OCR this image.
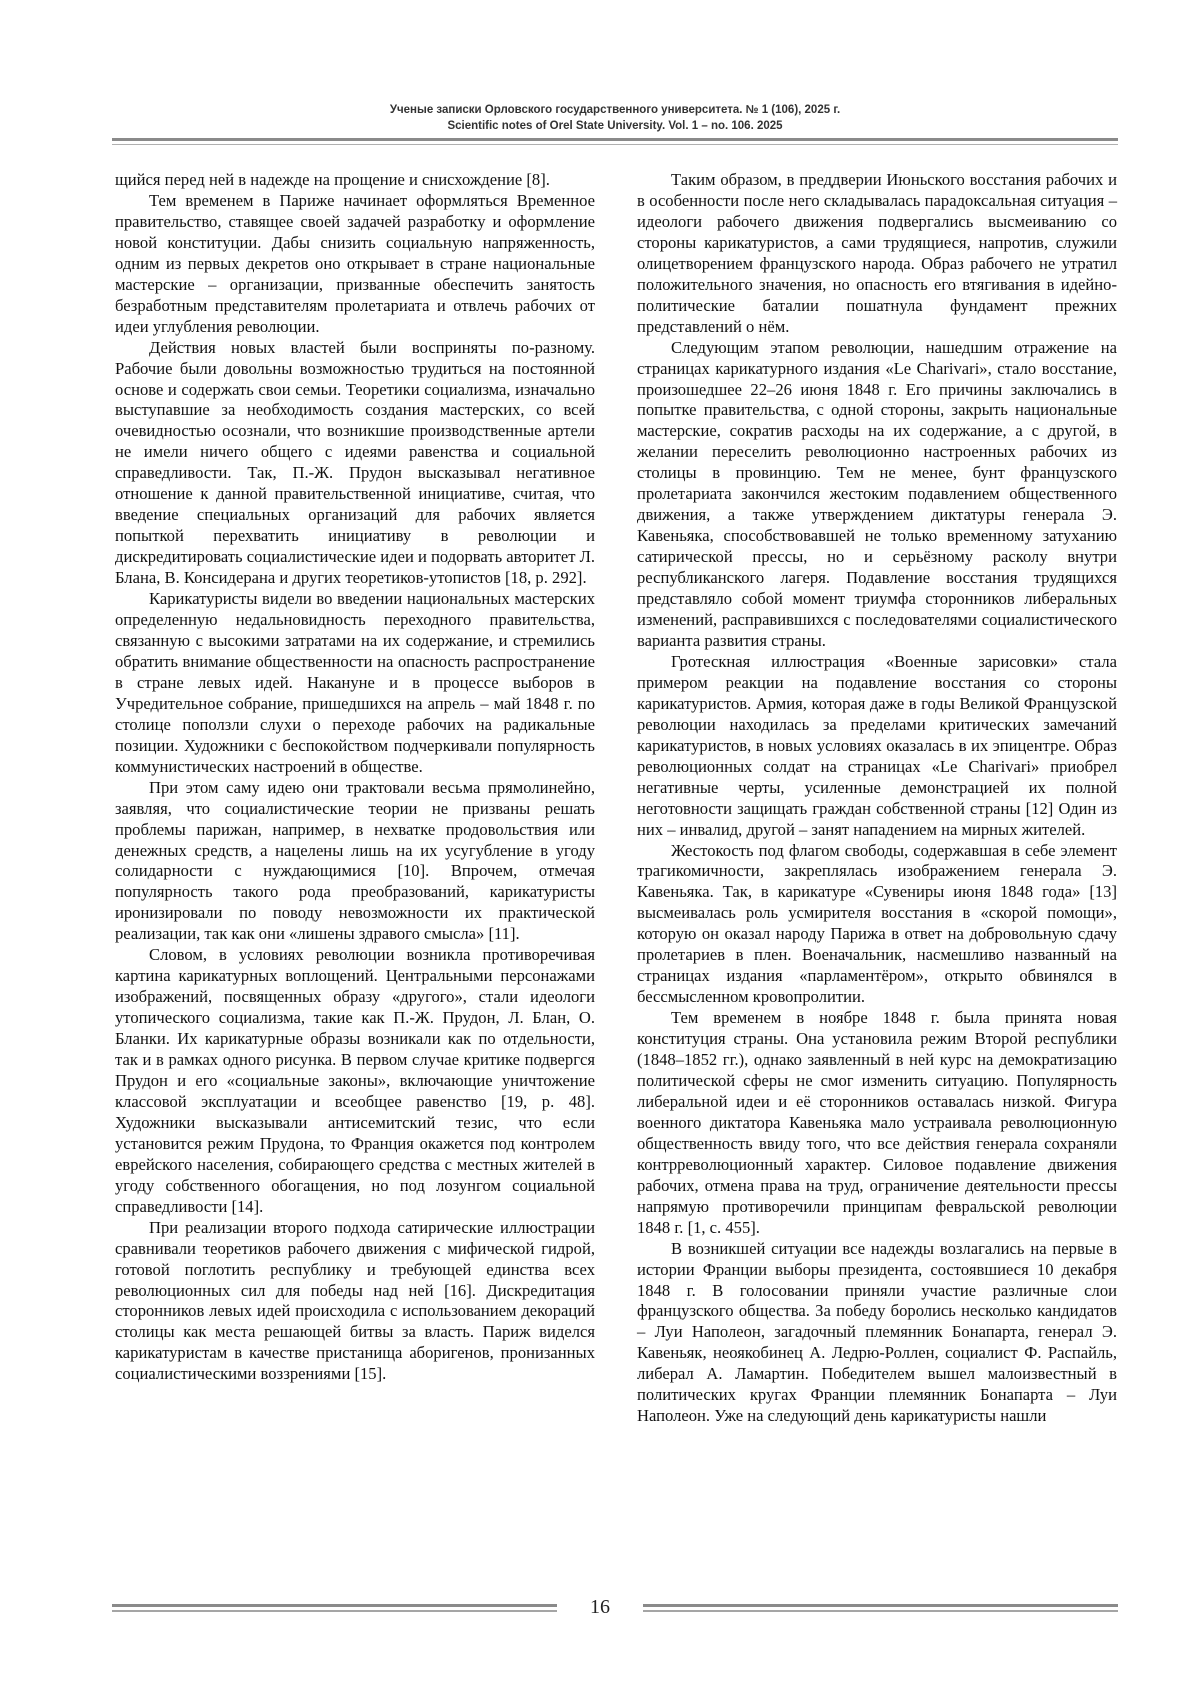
Ученые записки Орловского государственного университета. № 1 (106), 2025 г.
Scientific notes of Orel State University. Vol. 1 – no. 106. 2025

щийся перед ней в надежде на прощение и снисхождение [8].

Тем временем в Париже начинает оформляться Временное правительство, ставящее своей задачей разработку и оформление новой конституции. Дабы снизить социальную напряженность, одним из первых декретов оно открывает в стране национальные мастерские – организации, призванные обеспечить занятость безработным представителям пролетариата и отвлечь рабочих от идеи углубления революции.

Действия новых властей были восприняты по-разному. Рабочие были довольны возможностью трудиться на постоянной основе и содержать свои семьи. Теоретики социализма, изначально выступавшие за необходимость создания мастерских, со всей очевидностью осознали, что возникшие производственные артели не имели ничего общего с идеями равенства и социальной справедливости. Так, П.-Ж. Прудон высказывал негативное отношение к данной правительственной инициативе, считая, что введение специальных организаций для рабочих является попыткой перехватить инициативу в революции и дискредитировать социалистические идеи и подорвать авторитет Л. Блана, В. Консидерана и других теоретиков-утопистов [18, p. 292].

Карикатуристы видели во введении национальных мастерских определенную недальновидность переходного правительства, связанную с высокими затратами на их содержание, и стремились обратить внимание общественности на опасность распространение в стране левых идей. Накануне и в процессе выборов в Учредительное собрание, пришедшихся на апрель – май 1848 г. по столице поползли слухи о переходе рабочих на радикальные позиции. Художники с беспокойством подчеркивали популярность коммунистических настроений в обществе.

При этом саму идею они трактовали весьма прямолинейно, заявляя, что социалистические теории не призваны решать проблемы парижан, например, в нехватке продовольствия или денежных средств, а нацелены лишь на их усугубление в угоду солидарности с нуждающимися [10]. Впрочем, отмечая популярность такого рода преобразований, карикатуристы иронизировали по поводу невозможности их практической реализации, так как они «лишены здравого смысла» [11].

Словом, в условиях революции возникла противоречивая картина карикатурных воплощений. Центральными персонажами изображений, посвященных образу «другого», стали идеологи утопического социализма, такие как П.-Ж. Прудон, Л. Блан, О. Бланки. Их карикатурные образы возникали как по отдельности, так и в рамках одного рисунка. В первом случае критике подвергся Прудон и его «социальные законы», включающие уничтожение классовой эксплуатации и всеобщее равенство [19, p. 48]. Художники высказывали антисемитский тезис, что если установится режим Прудона, то Франция окажется под контролем еврейского населения, собирающего средства с местных жителей в угоду собственного обогащения, но под лозунгом социальной справедливости [14].

При реализации второго подхода сатирические иллюстрации сравнивали теоретиков рабочего движения с мифической гидрой, готовой поглотить республику и требующей единства всех революционных сил для победы над ней [16]. Дискредитация сторонников левых идей происходила с использованием декораций столицы как места решающей битвы за власть. Париж виделся карикатуристам в качестве пристанища аборигенов, пронизанных социалистическими воззрениями [15].

Таким образом, в преддверии Июньского восстания рабочих и в особенности после него складывалась парадоксальная ситуация – идеологи рабочего движения подвергались высмеиванию со стороны карикатуристов, а сами трудящиеся, напротив, служили олицетворением французского народа. Образ рабочего не утратил положительного значения, но опасность его втягивания в идейно-политические баталии пошатнула фундамент прежних представлений о нём.

Следующим этапом революции, нашедшим отражение на страницах карикатурного издания «Le Charivari», стало восстание, произошедшее 22–26 июня 1848 г. Его причины заключались в попытке правительства, с одной стороны, закрыть национальные мастерские, сократив расходы на их содержание, а с другой, в желании переселить революционно настроенных рабочих из столицы в провинцию. Тем не менее, бунт французского пролетариата закончился жестоким подавлением общественного движения, а также утверждением диктатуры генерала Э. Кавеньяка, способствовавшей не только временному затуханию сатирической прессы, но и серьёзному расколу внутри республиканского лагеря. Подавление восстания трудящихся представляло собой момент триумфа сторонников либеральных изменений, расправившихся с последователями социалистического варианта развития страны.

Гротескная иллюстрация «Военные зарисовки» стала примером реакции на подавление восстания со стороны карикатуристов. Армия, которая даже в годы Великой Французской революции находилась за пределами критических замечаний карикатуристов, в новых условиях оказалась в их эпицентре. Образ революционных солдат на страницах «Le Charivari» приобрел негативные черты, усиленные демонстрацией их полной неготовности защищать граждан собственной страны [12] Один из них – инвалид, другой – занят нападением на мирных жителей.

Жестокость под флагом свободы, содержавшая в себе элемент трагикомичности, закреплялась изображением генерала Э. Кавеньяка. Так, в карикатуре «Сувениры июня 1848 года» [13] высмеивалась роль усмирителя восстания в «скорой помощи», которую он оказал народу Парижа в ответ на добровольную сдачу пролетариев в плен. Военачальник, насмешливо названный на страницах издания «парламентёром», открыто обвинялся в бессмысленном кровопролитии.

Тем временем в ноябре 1848 г. была принята новая конституция страны. Она установила режим Второй республики (1848–1852 гг.), однако заявленный в ней курс на демократизацию политической сферы не смог изменить ситуацию. Популярность либеральной идеи и её сторонников оставалась низкой. Фигура военного диктатора Кавеньяка мало устраивала революционную общественность ввиду того, что все действия генерала сохраняли контрреволюционный характер. Силовое подавление движения рабочих, отмена права на труд, ограничение деятельности прессы напрямую противоречили принципам февральской революции 1848 г. [1, с. 455].

В возникшей ситуации все надежды возлагались на первые в истории Франции выборы президента, состоявшиеся 10 декабря 1848 г. В голосовании приняли участие различные слои французского общества. За победу боролись несколько кандидатов – Луи Наполеон, загадочный племянник Бонапарта, генерал Э. Кавеньяк, неоякобинец А. Ледрю-Роллен, социалист Ф. Распайль, либерал А. Ламартин. Победителем вышел малоизвестный в политических кругах Франции племянник Бонапарта – Луи Наполеон. Уже на следующий день карикатуристы нашли

16
